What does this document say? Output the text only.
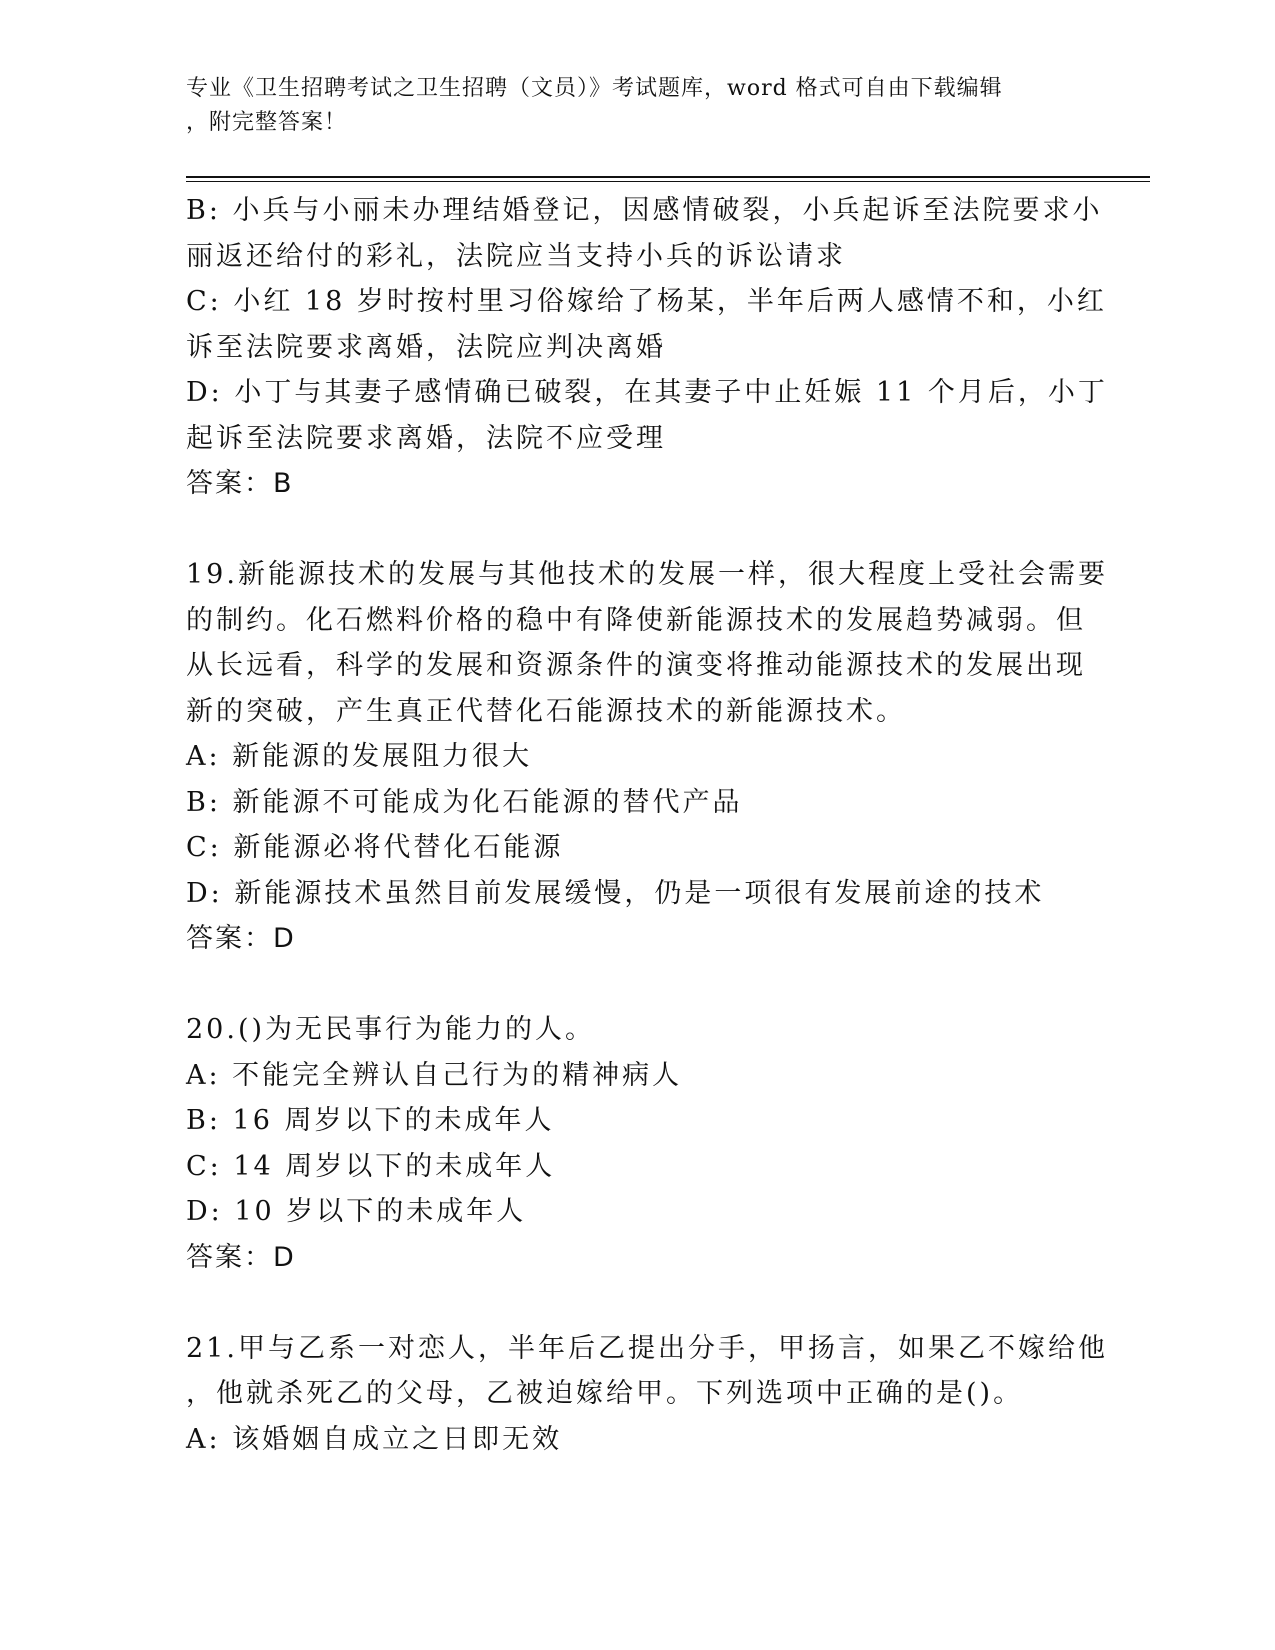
专业《卫生招聘考试之卫生招聘（文员）》考试题库，word 格式可自由下载编辑
，附完整答案！
B: 小兵与小丽未办理结婚登记，因感情破裂，小兵起诉至法院要求小
丽返还给付的彩礼，法院应当支持小兵的诉讼请求
C: 小红 18 岁时按村里习俗嫁给了杨某，半年后两人感情不和，小红
诉至法院要求离婚，法院应判决离婚
D: 小丁与其妻子感情确已破裂，在其妻子中止妊娠 11 个月后，小丁
起诉至法院要求离婚，法院不应受理
答案：B
19.新能源技术的发展与其他技术的发展一样，很大程度上受社会需要
的制约。化石燃料价格的稳中有降使新能源技术的发展趋势减弱。但
从长远看，科学的发展和资源条件的演变将推动能源技术的发展出现
新的突破，产生真正代替化石能源技术的新能源技术。
A: 新能源的发展阻力很大
B: 新能源不可能成为化石能源的替代产品
C: 新能源必将代替化石能源
D: 新能源技术虽然目前发展缓慢，仍是一项很有发展前途的技术
答案：D
20.()为无民事行为能力的人。
A: 不能完全辨认自己行为的精神病人
B: 16 周岁以下的未成年人
C: 14 周岁以下的未成年人
D: 10 岁以下的未成年人
答案：D
21.甲与乙系一对恋人，半年后乙提出分手，甲扬言，如果乙不嫁给他
，他就杀死乙的父母，乙被迫嫁给甲。下列选项中正确的是()。
A: 该婚姻自成立之日即无效
